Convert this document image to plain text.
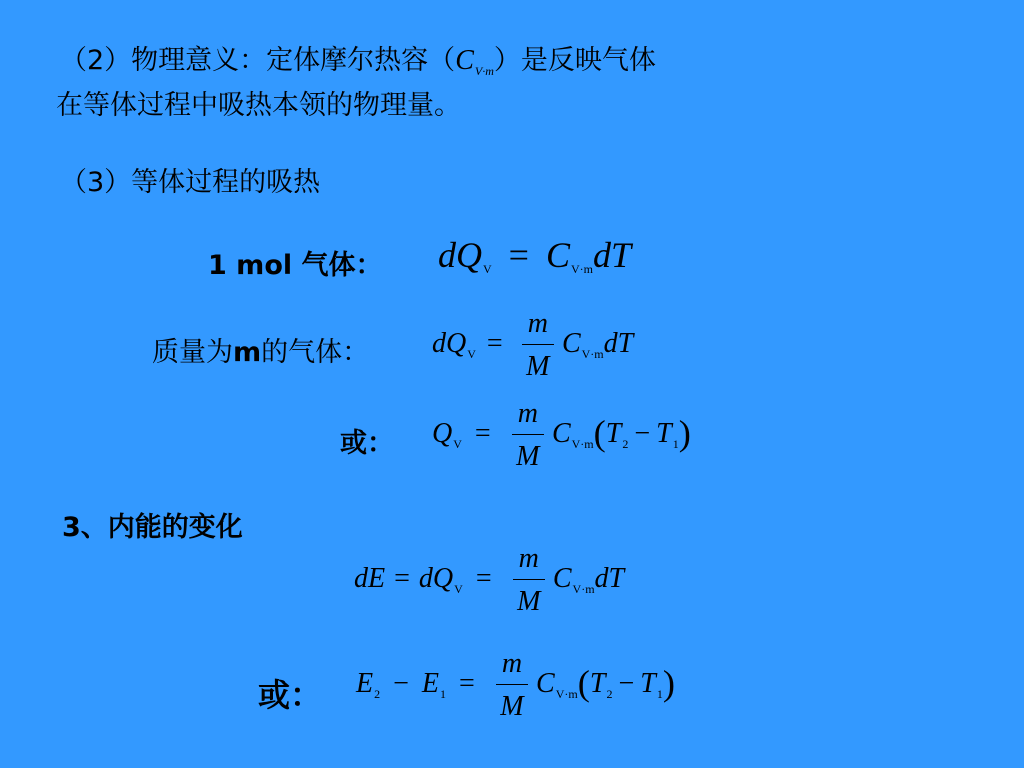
（2）物理意义：定体摩尔热容$(C_{V\cdot m})$是反映气体
在等体过程中吸热本领的物理量。
（3）等体过程的吸热
1 mol 气体： $dQ_V = C_{V\cdot m}dT$
质量为m的气体： $dQ_V = \frac{m}{M} C_{V\cdot m}dT$
或： $Q_V = \frac{m}{M} C_{V\cdot m}(T_2 - T_1)$
3、内能的变化
dE = $dQ_V = \frac{m}{M} C_{V\cdot m}dT$
或： $E_2 - E_1 = \frac{m}{M} C_{V\cdot m}(T_2 - T_1)$
